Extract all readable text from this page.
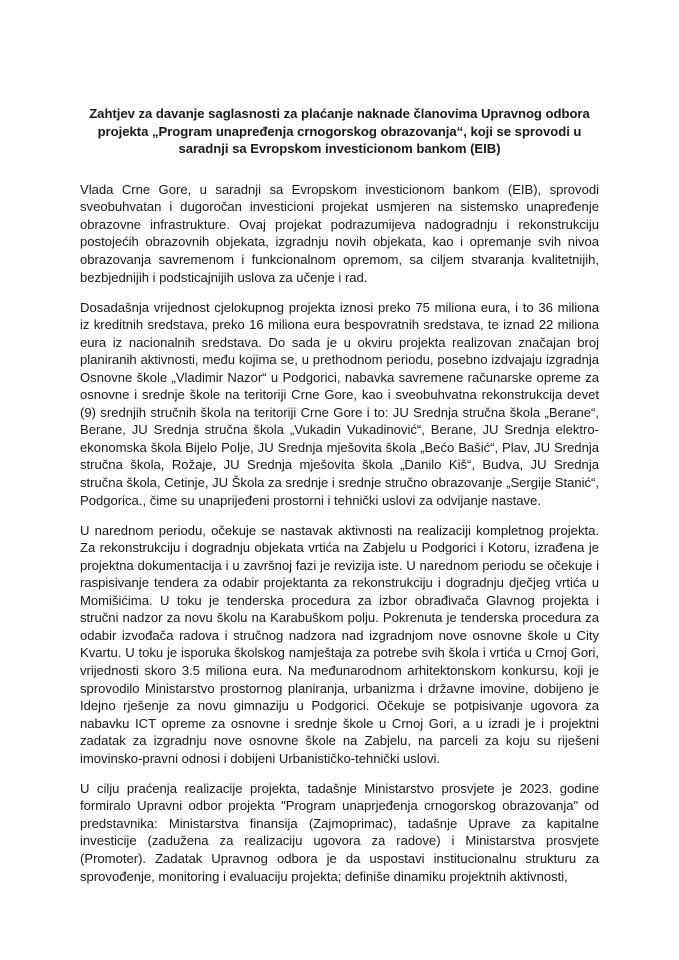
Zahtjev za davanje saglasnosti za plaćanje naknade članovima Upravnog odbora projekta „Program unapređenja crnogorskog obrazovanja“, koji se sprovodi u saradnji sa Evropskom investicionom bankom (EIB)

Vlada Crne Gore, u saradnji sa Evropskom investicionom bankom (EIB), sprovodi sveobuhvatan i dugoročan investicioni projekat usmjeren na sistemsko unapređenje obrazovne infrastrukture. Ovaj projekat podrazumijeva nadogradnju i rekonstrukciju postojećih obrazovnih objekata, izgradnju novih objekata, kao i opremanje svih nivoa obrazovanja savremenom i funkcionalnom opremom, sa ciljem stvaranja kvalitetnijih, bezbjednijih i podsticajnijih uslova za učenje i rad.

Dosadašnja vrijednost cjelokupnog projekta iznosi preko 75 miliona eura, i to 36 miliona iz kreditnih sredstava, preko 16 miliona eura bespovratnih sredstava, te iznad 22 miliona eura iz nacionalnih sredstava. Do sada je u okviru projekta realizovan značajan broj planiranih aktivnosti, među kojima se, u prethodnom periodu, posebno izdvajaju izgradnja Osnovne škole „Vladimir Nazor“ u Podgorici, nabavka savremene računarske opreme za osnovne i srednje škole na teritoriji Crne Gore, kao i sveobuhvatna rekonstrukcija devet (9) srednjih stručnih škola na teritoriji Crne Gore i to: JU Srednja stručna škola „Berane“, Berane, JU Srednja stručna škola „Vukadin Vukadinović“, Berane, JU Srednja elektro-ekonomska škola Bijelo Polje, JU Srednja mješovita škola „Bećo Bašić“, Plav, JU Srednja stručna škola, Rožaje, JU Srednja mješovita škola „Danilo Kiš“, Budva, JU Srednja stručna škola, Cetinje, JU Škola za srednje i srednje stručno obrazovanje „Sergije Stanić“, Podgorica., čime su unaprijeđeni prostorni i tehnički uslovi za odvijanje nastave.

U narednom periodu, očekuje se nastavak aktivnosti na realizaciji kompletnog projekta. Za rekonstrukciju i dogradnju objekata vrtića na Zabjelu u Podgorici i Kotoru, izrađena je projektna dokumentacija i u završnoj fazi je revizija iste. U narednom periodu se očekuje i raspisivanje tendera za odabir projektanta za rekonstrukciju i dogradnju dječjeg vrtića u Momišićima. U toku je tenderska procedura za izbor obrađivača Glavnog projekta i stručni nadzor za novu školu na Karabuškom polju. Pokrenuta je tenderska procedura za odabir izvođača radova i stručnog nadzora nad izgradnjom nove osnovne škole u City Kvartu. U toku je isporuka školskog namještaja za potrebe svih škola i vrtića u Crnoj Gori, vrijednosti skoro 3.5 miliona eura. Na međunarodnom arhitektonskom konkursu, koji je sprovodilo Ministarstvo prostornog planiranja, urbanizma i državne imovine, dobijeno je Idejno rješenje za novu gimnaziju u Podgorici. Očekuje se potpisivanje ugovora za nabavku ICT opreme za osnovne i srednje škole u Crnoj Gori, a u izradi je i projektni zadatak za izgradnju nove osnovne škole na Zabjelu, na parceli za koju su riješeni imovinsko-pravni odnosi i dobijeni Urbanističko-tehnički uslovi.

U cilju praćenja realizacije projekta, tadašnje Ministarstvo prosvjete je 2023. godine formiralo Upravni odbor projekta "Program unaprjeđenja crnogorskog obrazovanja" od predstavnika: Ministarstva finansija (Zajmoprimac), tadašnje Uprave za kapitalne investicije (zadužena za realizaciju ugovora za radove) i Ministarstva prosvjete (Promoter). Zadatak Upravnog odbora je da uspostavi institucionalnu strukturu za sprovođenje, monitoring i evaluaciju projekta; definiše dinamiku projektnih aktivnosti,
